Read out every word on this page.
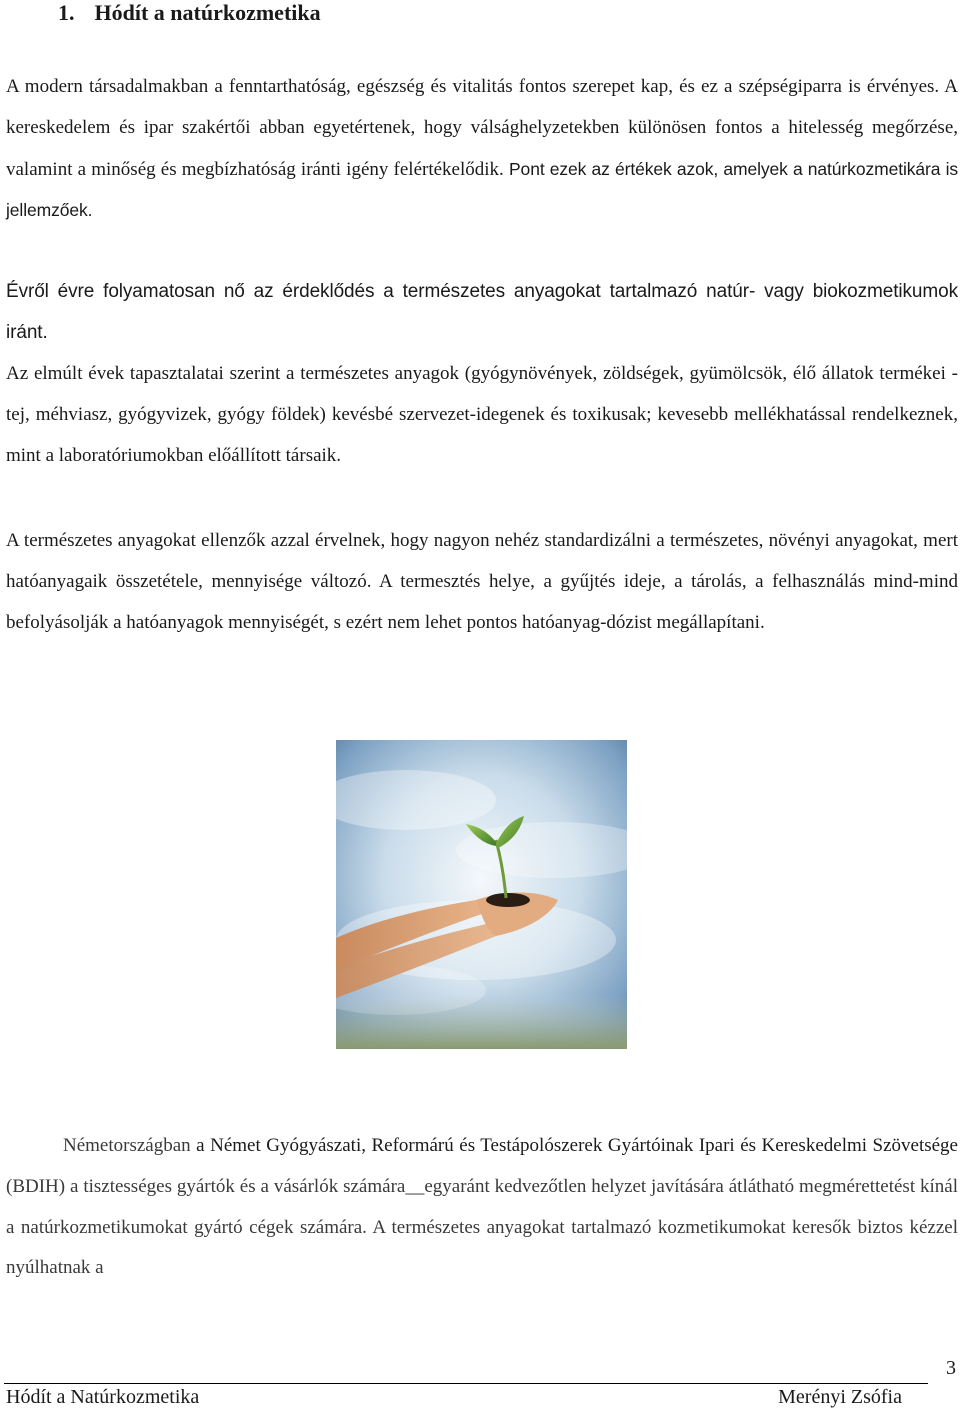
1. Hódít a natúrkozmetika

A modern társadalmakban a fenntarthatóság, egészség és vitalitás fontos szerepet kap, és ez a szépségiparra is érvényes. A kereskedelem és ipar szakértői abban egyetértenek, hogy válsághelyzetekben különösen fontos a hitelesség megőrzése, valamint a minőség és megbízhatóság iránti igény felértékelődik. Pont ezek az értékek azok, amelyek a natúrkozmetikára is jellemzőek.

Évről évre folyamatosan nő az érdeklődés a természetes anyagokat tartalmazó natúr- vagy biokozmetikumok iránt.

Az elmúlt évek tapasztalatai szerint a természetes anyagok (gyógynövények, zöldségek, gyümölcsök, élő állatok termékei - tej, méhviasz, gyógyvizek, gyógy földek) kevésbé szervezet-idegenek és toxikusak; kevesebb mellékhatással rendelkeznek, mint a laboratóriumokban előállított társaik.

A természetes anyagokat ellenzők azzal érvelnek, hogy nagyon nehéz standardizálni a természetes, növényi anyagokat, mert hatóanyagaik összetétele, mennyisége változó. A termesztés helye, a gyűjtés ideje, a tárolás, a felhasználás mind-mind befolyásolják a hatóanyagok mennyiségét, s ezért nem lehet pontos hatóanyag-dózist megállapítani.

Németországban a Német Gyógyászati, Reformárú és Testápolószerek Gyártóinak Ipari és Kereskedelmi Szövetsége (BDIH) a tisztességes gyártók és a vásárlók számára__egyaránt kedvezőtlen helyzet javítására átlátható megmérettetést kínál a natúrkozmetikumokat gyártó cégek számára. A természetes anyagokat tartalmazó kozmetikumokat keresők biztos kézzel nyúlhatnak a

3
Hódít a Natúrkozmetika	Merényi Zsófia
